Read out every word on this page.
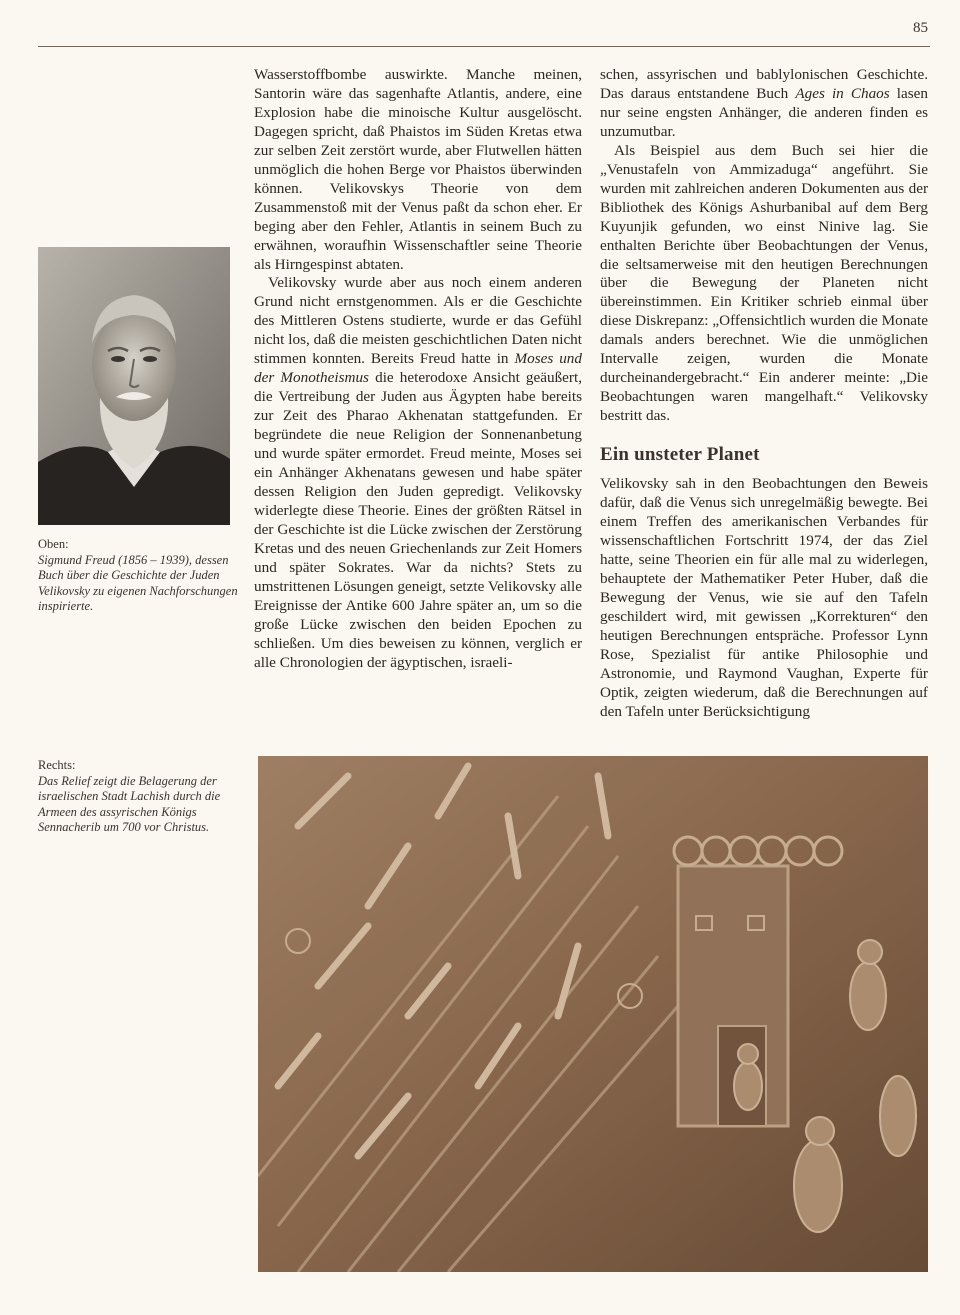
85
Oben:
Sigmund Freud (1856 – 1939), dessen Buch über die Geschichte der Juden Velikovsky zu eigenen Nachforschungen inspirierte.
Rechts:
Das Relief zeigt die Belagerung der israelischen Stadt Lachish durch die Armeen des assyrischen Königs Sennacherib um 700 vor Christus.

Wasserstoffbombe auswirkte. Manche meinen, Santorin wäre das sagenhafte Atlantis, andere, eine Explosion habe die minoische Kultur ausgelöscht. Dagegen spricht, daß Phaistos im Süden Kretas etwa zur selben Zeit zerstört wurde, aber Flutwellen hätten unmöglich die hohen Berge vor Phaistos überwinden können. Velikovskys Theorie von dem Zusammenstoß mit der Venus paßt da schon eher. Er beging aber den Fehler, Atlantis in seinem Buch zu erwähnen, woraufhin Wissenschaftler seine Theorie als Hirngespinst abtaten.

Velikovsky wurde aber aus noch einem anderen Grund nicht ernstgenommen. Als er die Geschichte des Mittleren Ostens studierte, wurde er das Gefühl nicht los, daß die meisten geschichtlichen Daten nicht stimmen konnten. Bereits Freud hatte in Moses und der Monotheismus die heterodoxe Ansicht geäußert, die Vertreibung der Juden aus Ägypten habe bereits zur Zeit des Pharao Akhenatan stattgefunden. Er begründete die neue Religion der Sonnenanbetung und wurde später ermordet. Freud meinte, Moses sei ein Anhänger Akhenatans gewesen und habe später dessen Religion den Juden gepredigt. Velikovsky widerlegte diese Theorie. Eines der größten Rätsel in der Geschichte ist die Lücke zwischen der Zerstörung Kretas und des neuen Griechenlands zur Zeit Homers und später Sokrates. War da nichts? Stets zu umstrittenen Lösungen geneigt, setzte Velikovsky alle Ereignisse der Antike 600 Jahre später an, um so die große Lücke zwischen den beiden Epochen zu schließen. Um dies beweisen zu können, verglich er alle Chronologien der ägyptischen, israeli-

schen, assyrischen und bablylonischen Geschichte. Das daraus entstandene Buch Ages in Chaos lasen nur seine engsten Anhänger, die anderen finden es unzumutbar.

Als Beispiel aus dem Buch sei hier die „Venustafeln von Ammizaduga“ angeführt. Sie wurden mit zahlreichen anderen Dokumenten aus der Bibliothek des Königs Ashurbanibal auf dem Berg Kuyunjik gefunden, wo einst Ninive lag. Sie enthalten Berichte über Beobachtungen der Venus, die seltsamerweise mit den heutigen Berechnungen über die Bewegung der Planeten nicht übereinstimmen. Ein Kritiker schrieb einmal über diese Diskrepanz: „Offensichtlich wurden die Monate damals anders berechnet. Wie die unmöglichen Intervalle zeigen, wurden die Monate durcheinandergebracht.“ Ein anderer meinte: „Die Beobachtungen waren mangelhaft.“ Velikovsky bestritt das.

Ein unsteter Planet

Velikovsky sah in den Beobachtungen den Beweis dafür, daß die Venus sich unregelmäßig bewegte. Bei einem Treffen des amerikanischen Verbandes für wissenschaftlichen Fortschritt 1974, der das Ziel hatte, seine Theorien ein für alle mal zu widerlegen, behauptete der Mathematiker Peter Huber, daß die Bewegung der Venus, wie sie auf den Tafeln geschildert wird, mit gewissen „Korrekturen“ den heutigen Berechnungen entspräche. Professor Lynn Rose, Spezialist für antike Philosophie und Astronomie, und Raymond Vaughan, Experte für Optik, zeigten wiederum, daß die Berechnungen auf den Tafeln unter Berücksichtigung
